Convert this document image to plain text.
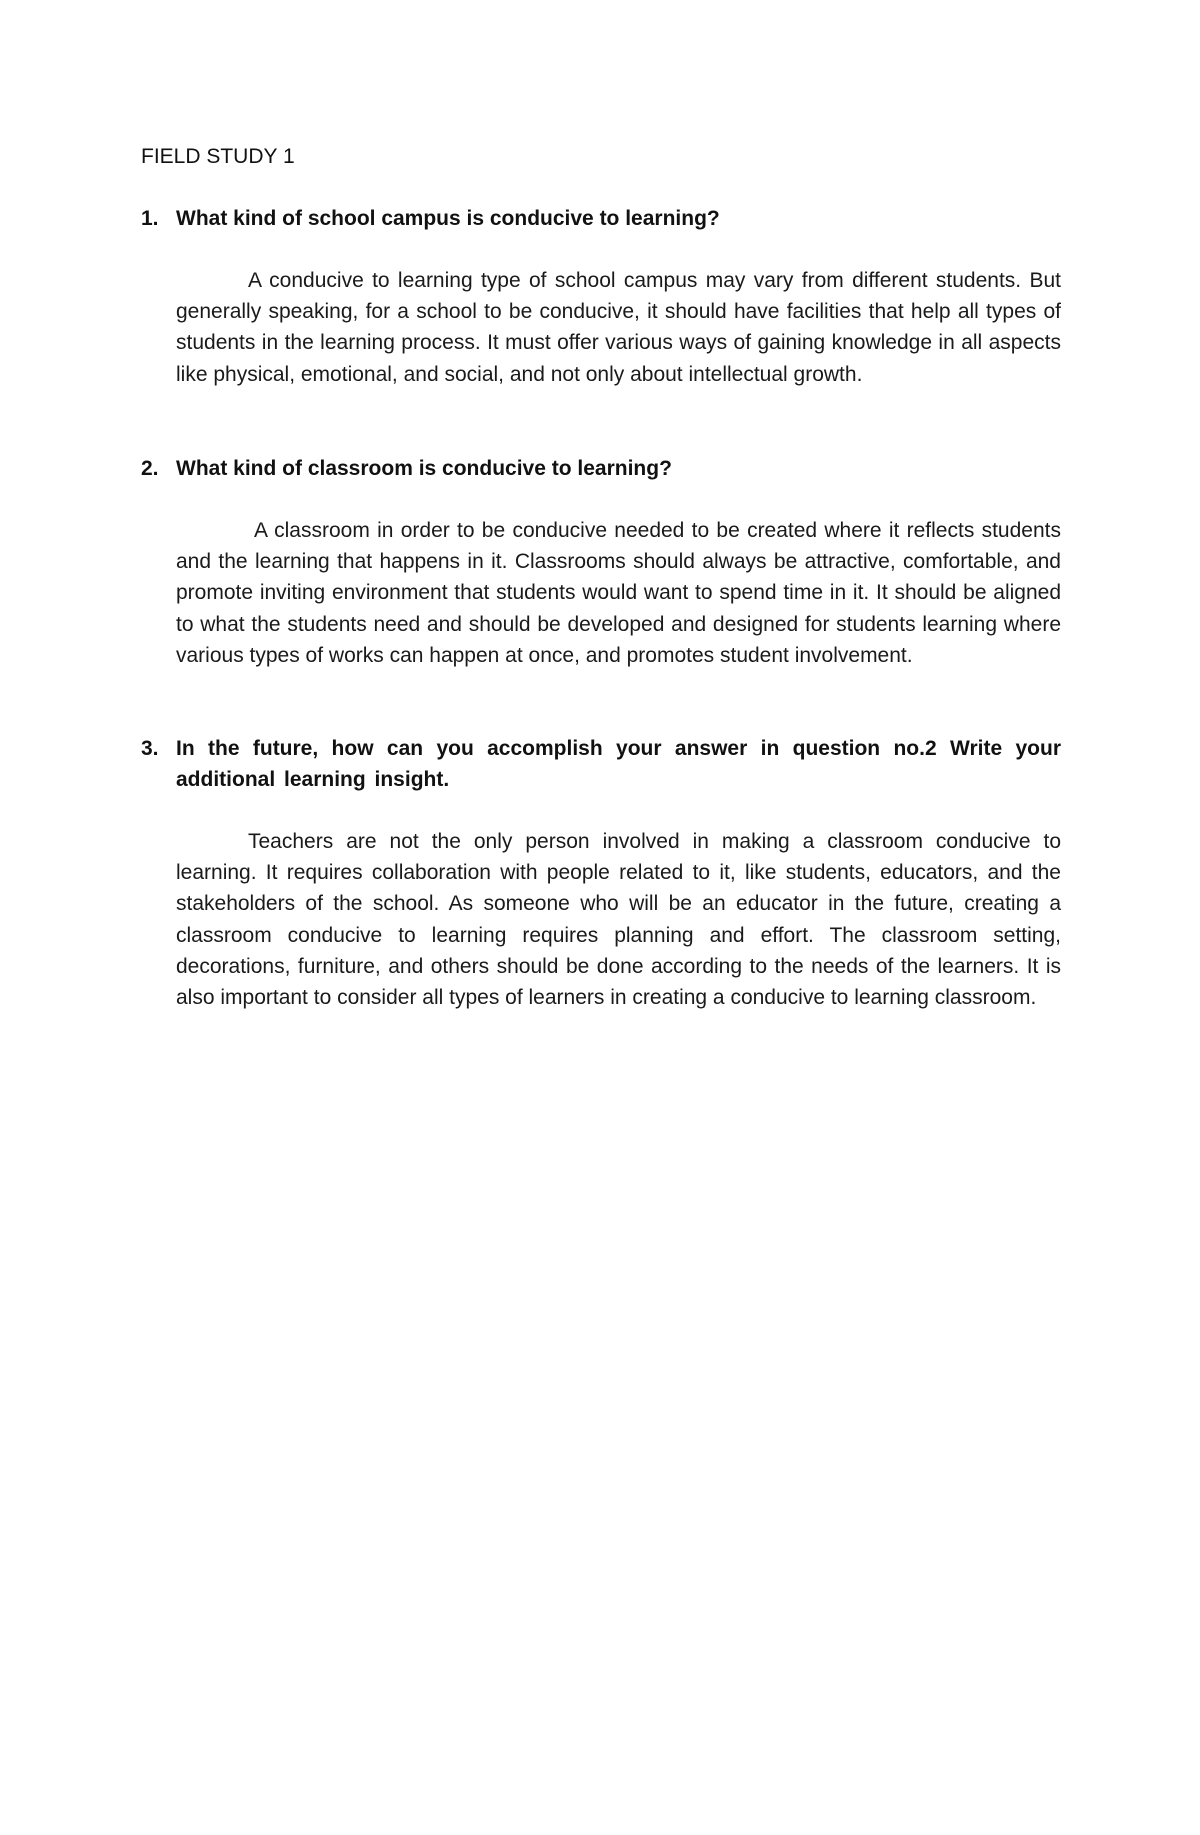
FIELD STUDY 1
1. What kind of school campus is conducive to learning?

A conducive to learning type of school campus may vary from different students. But generally speaking, for a school to be conducive, it should have facilities that help all types of students in the learning process. It must offer various ways of gaining knowledge in all aspects like physical, emotional, and social, and not only about intellectual growth.

2. What kind of classroom is conducive to learning?

A classroom in order to be conducive needed to be created where it reflects students and the learning that happens in it. Classrooms should always be attractive, comfortable, and promote inviting environment that students would want to spend time in it. It should be aligned to what the students need and should be developed and designed for students learning where various types of works can happen at once, and promotes student involvement.

3. In the future, how can you accomplish your answer in question no.2 Write your additional learning insight.

Teachers are not the only person involved in making a classroom conducive to learning. It requires collaboration with people related to it, like students, educators, and the stakeholders of the school. As someone who will be an educator in the future, creating a classroom conducive to learning requires planning and effort. The classroom setting, decorations, furniture, and others should be done according to the needs of the learners. It is also important to consider all types of learners in creating a conducive to learning classroom.
